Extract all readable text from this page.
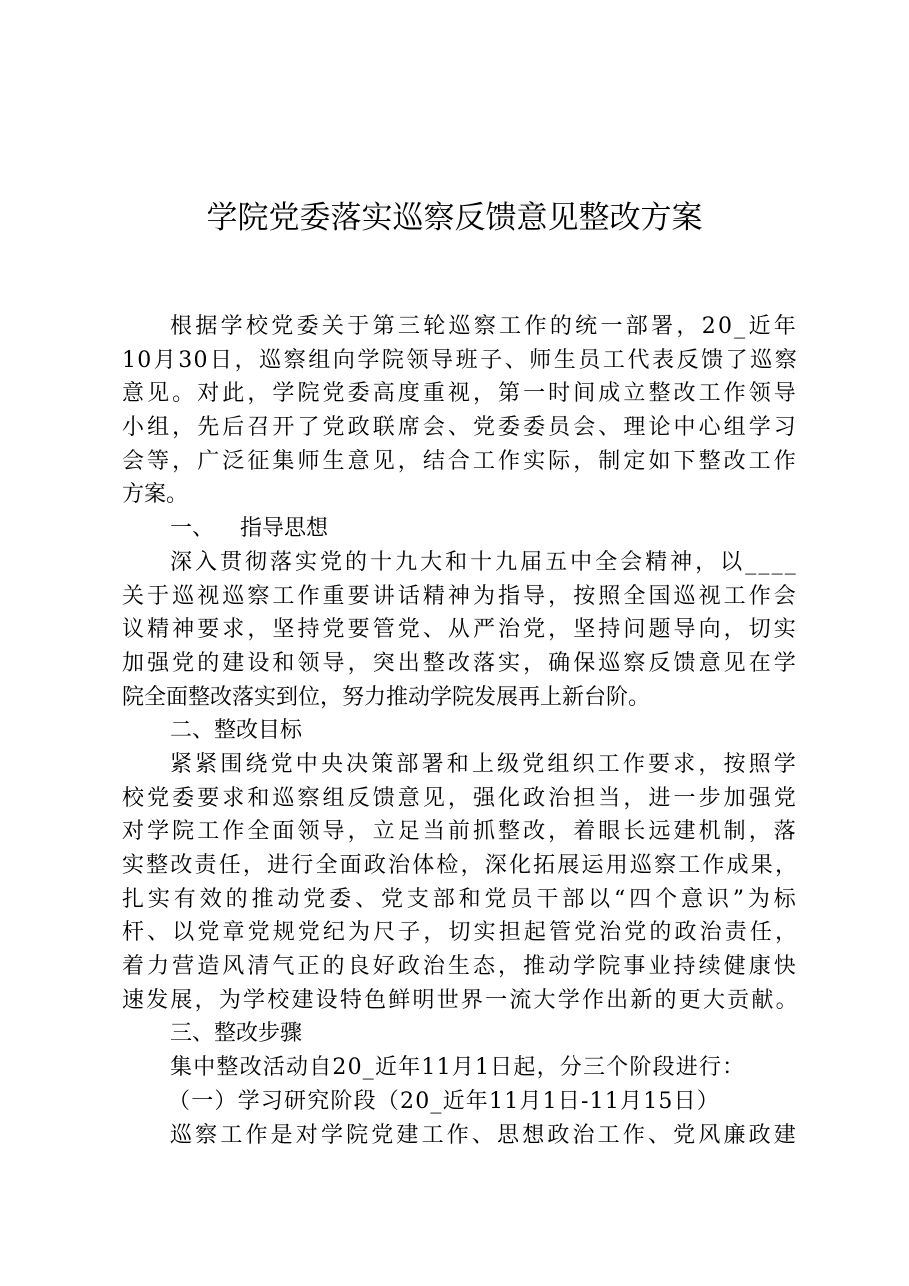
学院党委落实巡察反馈意见整改方案
根据学校党委关于第三轮巡察工作的统一部署，20_近年
10月30日，巡察组向学院领导班子、师生员工代表反馈了巡察
意见。对此，学院党委高度重视，第一时间成立整改工作领导
小组，先后召开了党政联席会、党委委员会、理论中心组学习
会等，广泛征集师生意见，结合工作实际，制定如下整改工作
方案。
一、 指导思想
深入贯彻落实党的十九大和十九届五中全会精神，以____
关于巡视巡察工作重要讲话精神为指导，按照全国巡视工作会
议精神要求，坚持党要管党、从严治党，坚持问题导向，切实
加强党的建设和领导，突出整改落实，确保巡察反馈意见在学
院全面整改落实到位，努力推动学院发展再上新台阶。
二、整改目标
紧紧围绕党中央决策部署和上级党组织工作要求，按照学
校党委要求和巡察组反馈意见，强化政治担当，进一步加强党
对学院工作全面领导，立足当前抓整改，着眼长远建机制，落
实整改责任，进行全面政治体检，深化拓展运用巡察工作成果，
扎实有效的推动党委、党支部和党员干部以“四个意识”为标
杆、以党章党规党纪为尺子，切实担起管党治党的政治责任，
着力营造风清气正的良好政治生态，推动学院事业持续健康快
速发展，为学校建设特色鲜明世界一流大学作出新的更大贡献。
三、整改步骤
集中整改活动自20_近年11月1日起，分三个阶段进行：
（一）学习研究阶段（20_近年11月1日-11月15日）
巡察工作是对学院党建工作、思想政治工作、党风廉政建
